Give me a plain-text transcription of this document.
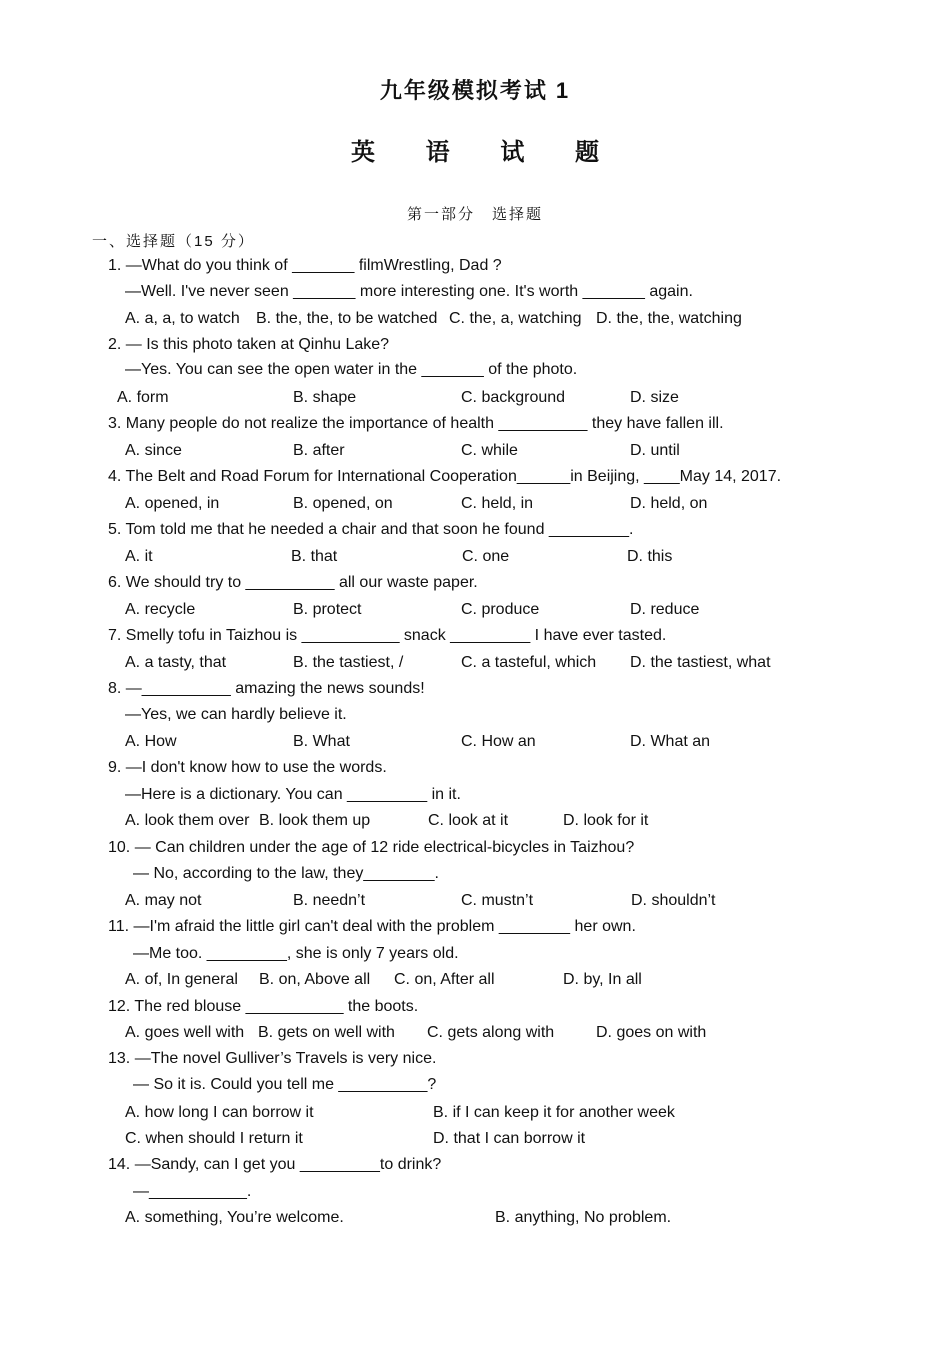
九年级模拟考试 1
英 语 试 题
第一部分　选择题
一、选择题（15 分）
1. —What do you think of _______ filmWrestling, Dad ?
—Well. I've never seen _______ more interesting one. It's worth _______ again.
A. a, a, to watch B. the, the, to be watched C. the, a, watching D. the, the, watching
2. — Is this photo taken at Qinhu Lake?
—Yes. You can see the open water in the _______ of the photo.
A. form	B. shape	C. background	D. size
3. Many people do not realize the importance of health __________ they have fallen ill.
A. since	B. after	C. while	D. until
4. The Belt and Road Forum for International Cooperation______in Beijing, ____May 14, 2017.
A. opened, in	B. opened, on	C. held, in	D. held, on
5. Tom told me that he needed a chair and that soon he found _________.
A. it	B. that	C. one	D. this
6. We should try to __________ all our waste paper.
A. recycle	B. protect	C. produce	D. reduce
7. Smelly tofu in Taizhou is ___________ snack _________ I have ever tasted.
A. a tasty, that	B. the tastiest, /	C. a tasteful, which D. the tastiest, what
8. —__________ amazing the news sounds!
—Yes, we can hardly believe it.
A. How	B. What	C. How an	D. What an
9. —I don't know how to use the words.
—Here is a dictionary. You can _________ in it.
A. look them over B. look them up	C. look at it	D. look for it
10. — Can children under the age of 12 ride electrical-bicycles in Taizhou?
— No, according to the law, they________.
A. may not	B. needn’t	C. mustn’t	D. shouldn’t
11. —I'm afraid the little girl can't deal with the problem ________ her own.
—Me too. _________, she is only 7 years old.
A. of, In general B. on, Above all C. on, After all	D. by, In all
12. The red blouse ___________ the boots.
A. goes well with B. gets on well with C. gets along with	D. goes on with
13. —The novel Gulliver’s Travels is very nice.
— So it is. Could you tell me __________?
A. how long I can borrow it	B. if I can keep it for another week
C. when should I return it	D. that I can borrow it
14. —Sandy, can I get you _________to drink?
—___________.
A. something, You’re welcome.	B. anything, No problem.
